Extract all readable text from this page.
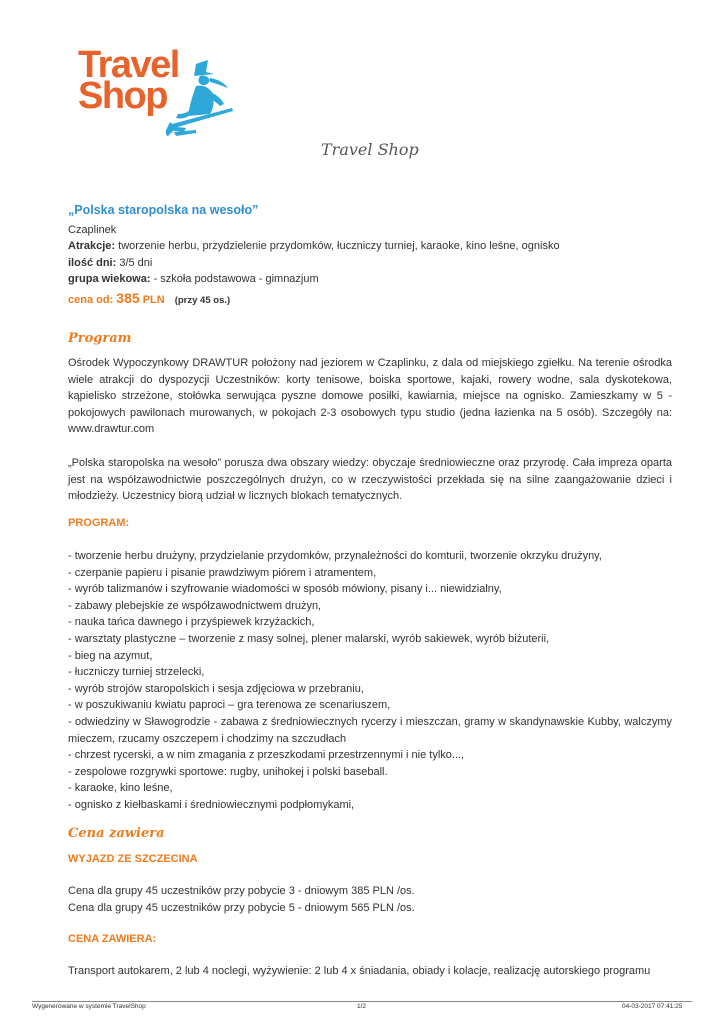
Travel
Shop
Travel Shop
„Polska staropolska na wesoło”

Czaplinek

Atrakcje: tworzenie herbu, przydzielenie przydomków, łuczniczy turniej, karaoke, kino leśne, ognisko

ilość dni: 3/5 dni

grupa wiekowa: - szkoła podstawowa - gimnazjum

cena od: 385 PLN (przy 45 os.)

Program

Ośrodek Wypoczynkowy DRAWTUR położony nad jeziorem w Czaplinku, z dala od miejskiego zgiełku. Na terenie ośrodka wiele atrakcji do dyspozycji Uczestników: korty tenisowe, boiska sportowe, kajaki, rowery wodne, sala dyskotekowa, kąpielisko strzeżone, stołówka serwująca pyszne domowe posiłki, kawiarnia, miejsce na ognisko. Zamieszkamy w 5 - pokojowych pawilonach murowanych, w pokojach 2-3 osobowych typu studio (jedna łazienka na 5 osób). Szczegóły na: www.drawtur.com

„Polska staropolska na wesoło” porusza dwa obszary wiedzy: obyczaje średniowieczne oraz przyrodę. Cała impreza oparta jest na współzawodnictwie poszczególnych drużyn, co w rzeczywistości przekłada się na silne zaangażowanie dzieci i młodzieży. Uczestnicy biorą udział w licznych blokach tematycznych.

PROGRAM:

- tworzenie herbu drużyny, przydzielanie przydomków, przynależności do komturii, tworzenie okrzyku drużyny,
- czerpanie papieru i pisanie prawdziwym piórem i atramentem,
- wyrób talizmanów i szyfrowanie wiadomości w sposób mówiony, pisany i... niewidzialny,
- zabawy plebejskie ze współzawodnictwem drużyn,
- nauka tańca dawnego i przyśpiewek krzyżackich,
- warsztaty plastyczne – tworzenie z masy solnej, plener malarski, wyrób sakiewek, wyrób biżuterii,
- bieg na azymut,
- łuczniczy turniej strzelecki,
- wyrób strojów staropolskich i sesja zdjęciowa w przebraniu,
- w poszukiwaniu kwiatu paproci – gra terenowa ze scenariuszem,
- odwiedziny w Sławogrodzie - zabawa z średniowiecznych rycerzy i mieszczan, gramy w skandynawskie Kubby, walczymy mieczem, rzucamy oszczepem i chodzimy na szczudłach
- chrzest rycerski, a w nim zmagania z przeszkodami przestrzennymi i nie tylko...,
- zespolowe rozgrywki sportowe: rugby, unihokej i polski baseball.
- karaoke, kino leśne,
- ognisko z kiełbaskami i średniowiecznymi podpłomykami,
Cena zawiera

WYJAZD ZE SZCZECINA

Cena dla grupy 45 uczestników przy pobycie 3 - dniowym 385 PLN /os.

Cena dla grupy 45 uczestników przy pobycie 5 - dniowym 565 PLN /os.

CENA ZAWIERA:

Transport autokarem, 2 lub 4 noclegi, wyżywienie: 2 lub 4 x śniadania, obiady i kolacje, realizację autorskiego programu

Wygenerowane w systemie TravelShop	1/2	04-03-2017 07:41:25
